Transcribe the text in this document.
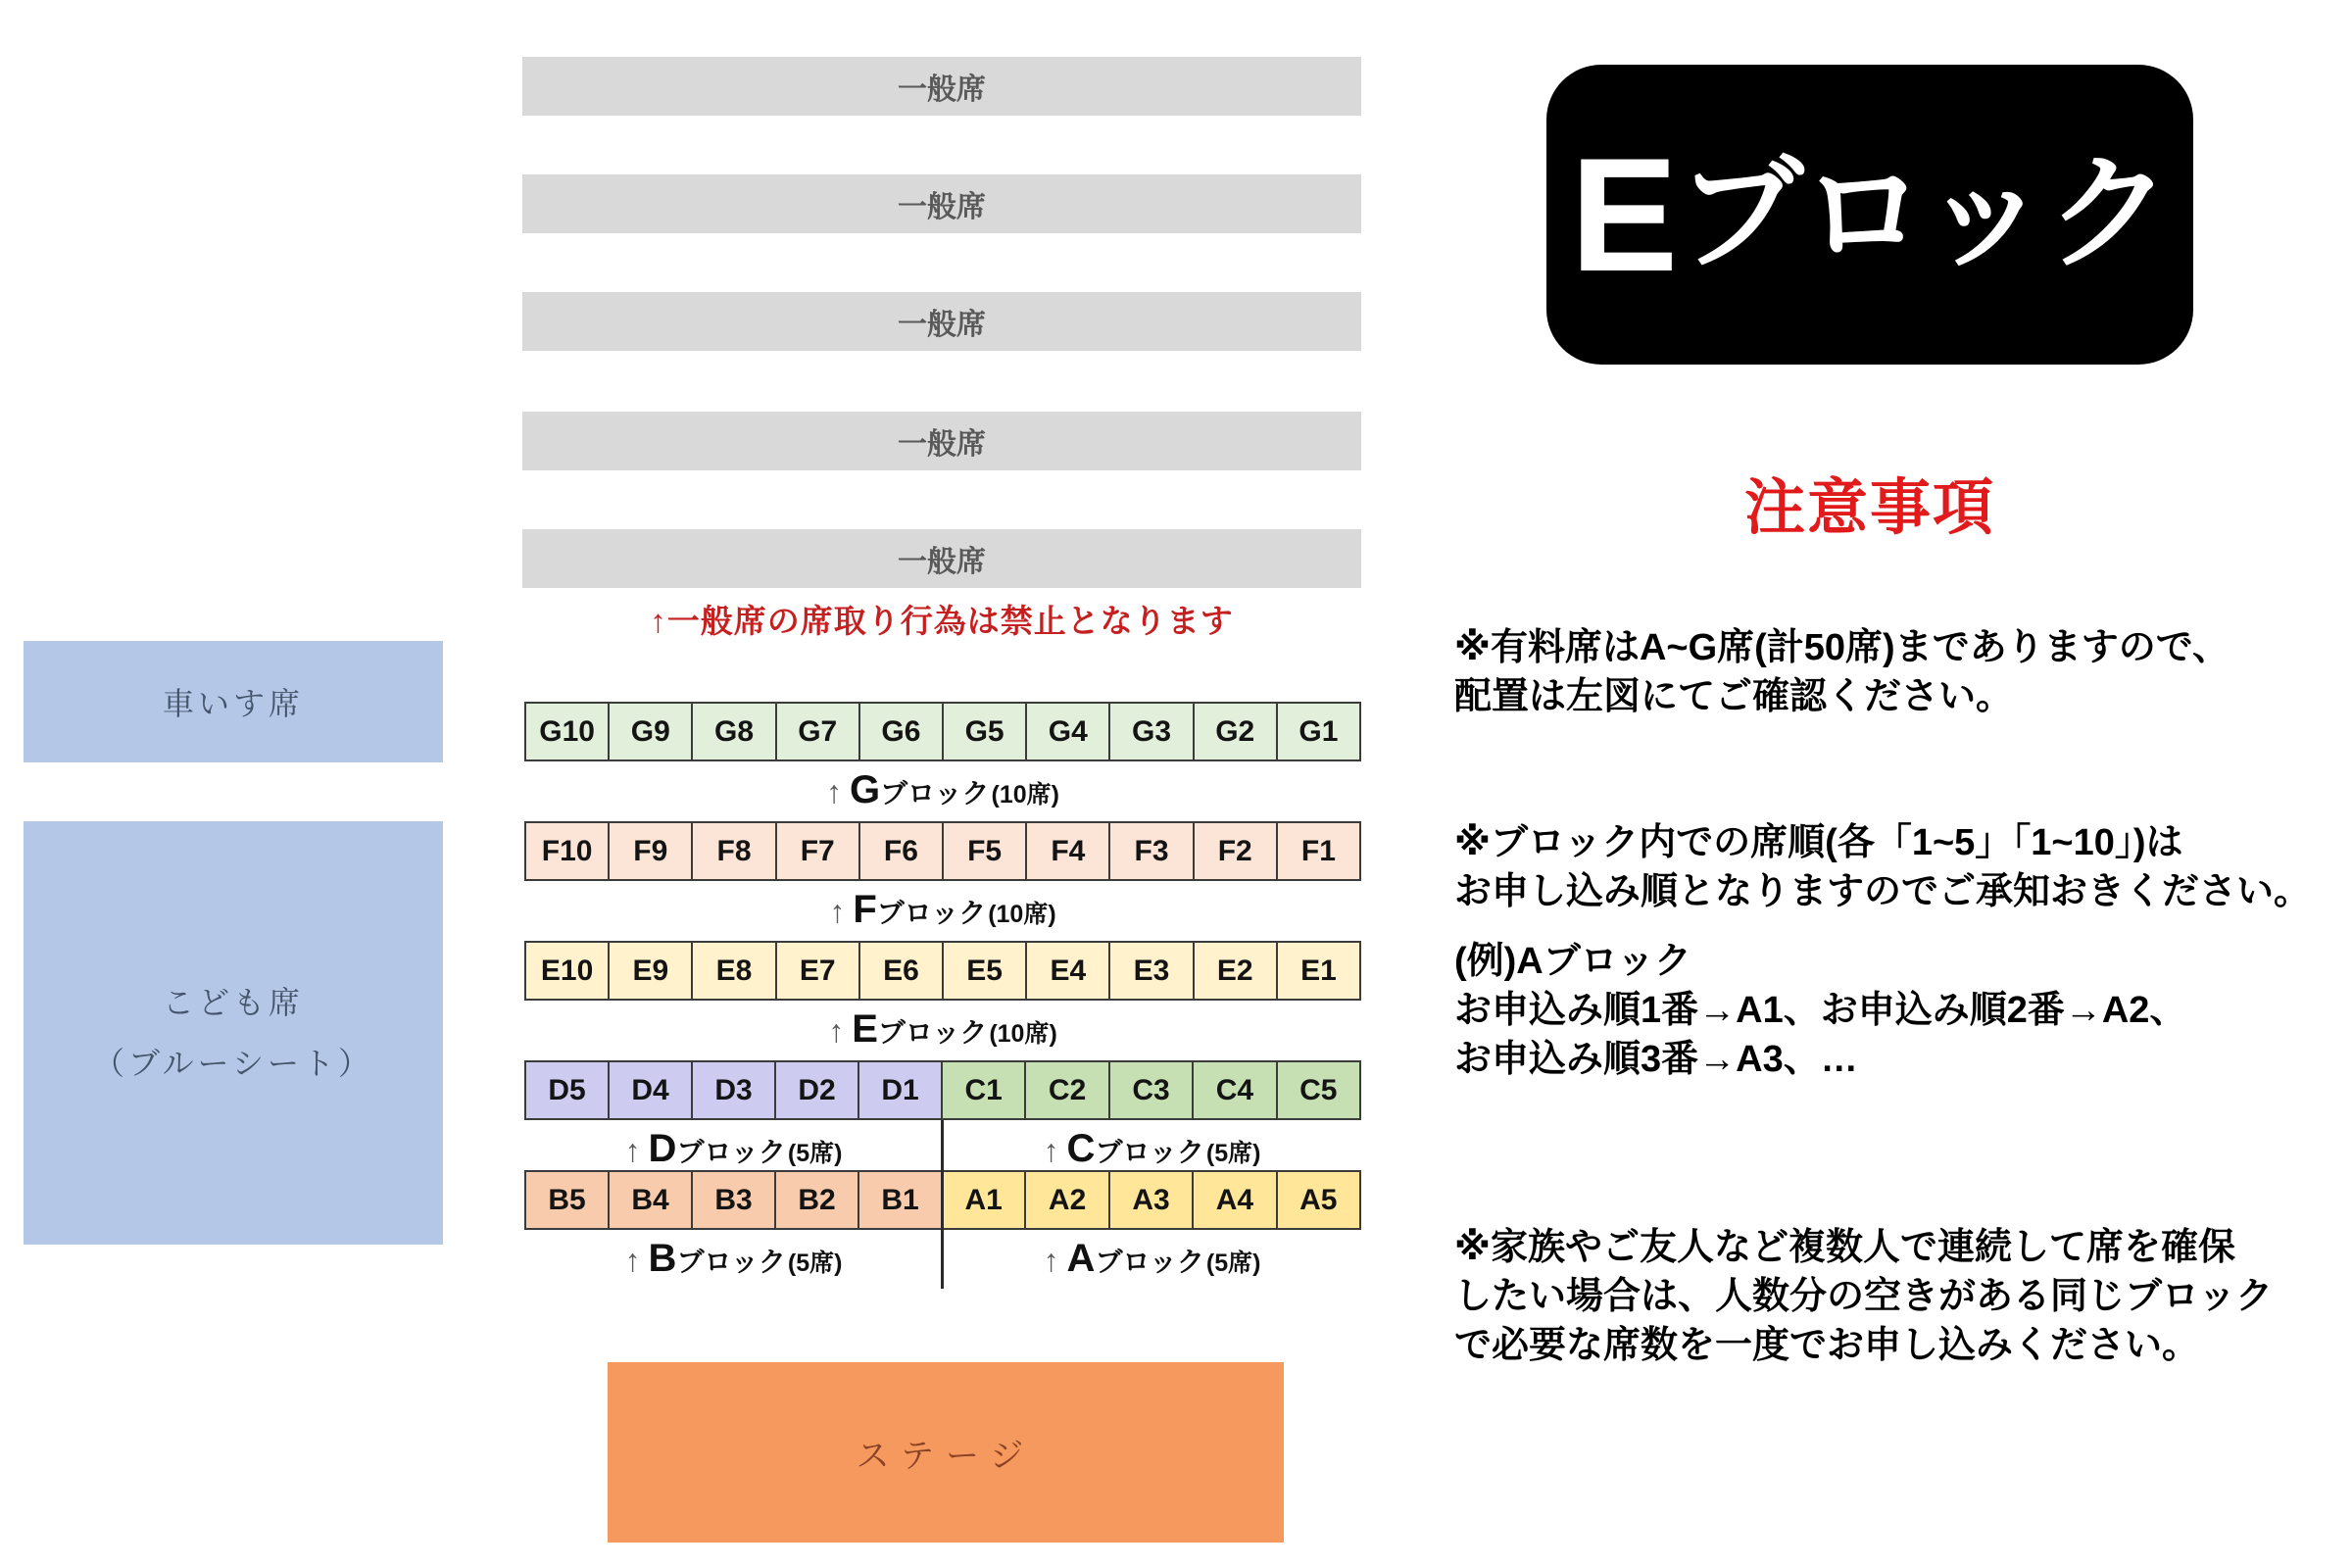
一般席
一般席
一般席
一般席
一般席
↑一般席の席取り行為は禁止となります
車いす席
こども席
（ブルーシート）
G10	G9	G8	G7	G6	G5	G4	G3	G2	G1
↑ G ブロック (10席)
F10	F9	F8	F7	F6	F5	F4	F3	F2	F1
↑ F ブロック (10席)
E10	E9	E8	E7	E6	E5	E4	E3	E2	E1
↑ E ブロック (10席)
D5	D4	D3	D2	D1	C1	C2	C3	C4	C5
↑ D ブロック (5席)	↑ C ブロック (5席)
B5	B4	B3	B2	B1	A1	A2	A3	A4	A5
↑ B ブロック (5席)	↑ A ブロック (5席)
ステージ
E ブロック
注意事項
※有料席はA~G席(計50席)までありますので、
配置は左図にてご確認ください。
※ブロック内での席順(各「1~5」「1~10」)は
お申し込み順となりますのでご承知おきください。
(例)Aブロック
お申込み順1番→A1、お申込み順2番→A2、
お申込み順3番→A3、…
※家族やご友人など複数人で連続して席を確保
したい場合は、人数分の空きがある同じブロック
で必要な席数を一度でお申し込みください。
